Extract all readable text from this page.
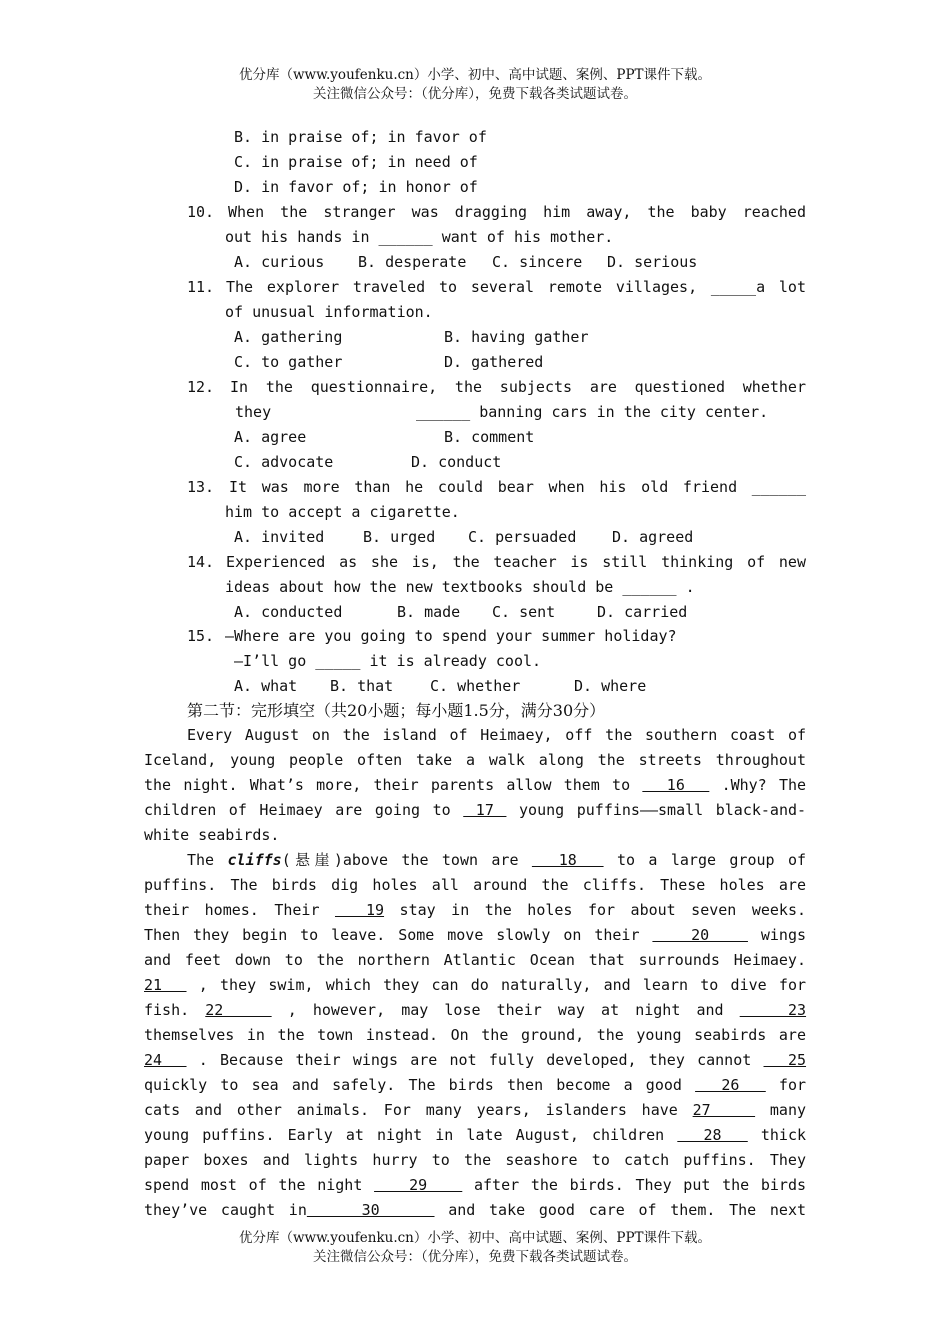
优分库（www.youfenku.cn）小学、初中、高中试题、案例、PPT课件下载。
关注微信公众号：（优分库），免费下载各类试题试卷。
B. in praise of; in favor of
C. in praise of; in need of
D. in favor of; in honor of
10. When the stranger was dragging him away, the baby reached
out his hands in ______ want of his mother.
A. curious B. desperate C. sincere D. serious
11. The explorer traveled to several remote villages, _____a lot
of unusual information.
A. gathering	B. having gather
C. to gather	D. gathered
12. In the questionnaire, the subjects are questioned whether
they	______ banning cars in the city center.
A. agree	B. comment
C. advocate	D. conduct
13. It was more than he could bear when his old friend ______
him to accept a cigarette.
A. invited	B. urged C. persuaded D. agreed
14. Experienced as she is, the teacher is still thinking of new
ideas about how the new textbooks should be ______ .
A. conducted	B. made C. sent	D. carried
15. —Where are you going to spend your summer holiday?
—I’ll go _____ it is already cool.
A. what B. that C. whether	D. where
第二节：完形填空（共20小题；每小题1.5分，满分30分）
Every August on the island of Heimaey, off the southern coast of
Iceland, young people often take a walk along the streets throughout
the night. What’s more, their parents allow them to   16   .Why? The
children of Heimaey are going to  17  young puffins——small black-and-
white seabirds.
The cliffs(悬崖)above the town are   18   to a large group of
puffins. The birds dig holes all around the cliffs. These holes are
their homes. Their   19 stay in the holes for about seven weeks.
Then they begin to leave. Some move slowly on their    20    wings
and feet down to the northern Atlantic Ocean that surrounds Heimaey.
21   , they swim, which they can do naturally, and learn to dive for
fish. 22    , however, may lose their way at night and    23
themselves in the town instead. On the ground, the young seabirds are
24   . Because their wings are not fully developed, they cannot   25
quickly to sea and safely. The birds then become a good   26   for
cats and other animals. For many years, islanders have 27    many
young puffins. Early at night in late August, children   28   thick
paper boxes and lights hurry to the seashore to catch puffins. They
spend most of the night    29    after the birds. They put the birds
they’ve caught in    30     and take good care of them. The next
优分库（www.youfenku.cn）小学、初中、高中试题、案例、PPT课件下载。
关注微信公众号：（优分库），免费下载各类试题试卷。
